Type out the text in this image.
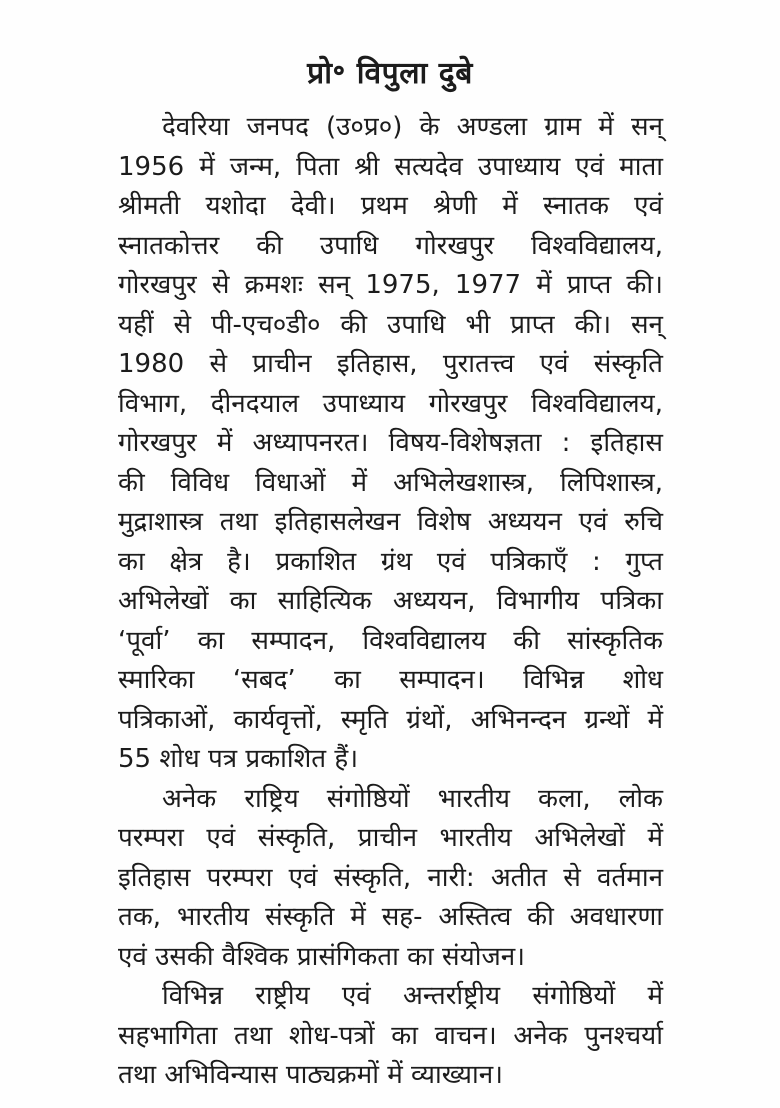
प्रो॰ विपुला दुबे
देवरिया जनपद (उ०प्र०) के अण्डला ग्राम में सन्
1956 में जन्म, पिता श्री सत्यदेव उपाध्याय एवं माता
श्रीमती यशोदा देवी। प्रथम श्रेणी में स्नातक एवं
स्नातकोत्तर की उपाधि गोरखपुर विश्वविद्यालय,
गोरखपुर से क्रमशः सन् 1975, 1977 में प्राप्त की।
यहीं से पी-एच०डी० की उपाधि भी प्राप्त की। सन्
1980 से प्राचीन इतिहास, पुरातत्त्व एवं संस्कृति
विभाग, दीनदयाल उपाध्याय गोरखपुर विश्वविद्यालय,
गोरखपुर में अध्यापनरत। विषय-विशेषज्ञता : इतिहास
की विविध विधाओं में अभिलेखशास्त्र, लिपिशास्त्र,
मुद्राशास्त्र तथा इतिहासलेखन विशेष अध्ययन एवं रुचि
का क्षेत्र है। प्रकाशित ग्रंथ एवं पत्रिकाएँ : गुप्त
अभिलेखों का साहित्यिक अध्ययन, विभागीय पत्रिका
‘पूर्वा’ का सम्पादन, विश्वविद्यालय की सांस्कृतिक
स्मारिका ‘सबद’ का सम्पादन। विभिन्न शोध
पत्रिकाओं, कार्यवृत्तों, स्मृति ग्रंथों, अभिनन्दन ग्रन्थों में
55 शोध पत्र प्रकाशित हैं।
अनेक राष्ट्रिय संगोष्ठियों भारतीय कला, लोक
परम्परा एवं संस्कृति, प्राचीन भारतीय अभिलेखों में
इतिहास परम्परा एवं संस्कृति, नारी: अतीत से वर्तमान
तक, भारतीय संस्कृति में सह- अस्तित्व की अवधारणा
एवं उसकी वैश्विक प्रासंगिकता का संयोजन।
विभिन्न राष्ट्रीय एवं अन्तर्राष्ट्रीय संगोष्ठियों में
सहभागिता तथा शोध-पत्रों का वाचन। अनेक पुनश्चर्या
तथा अभिविन्यास पाठ्यक्रमों में व्याख्यान।
